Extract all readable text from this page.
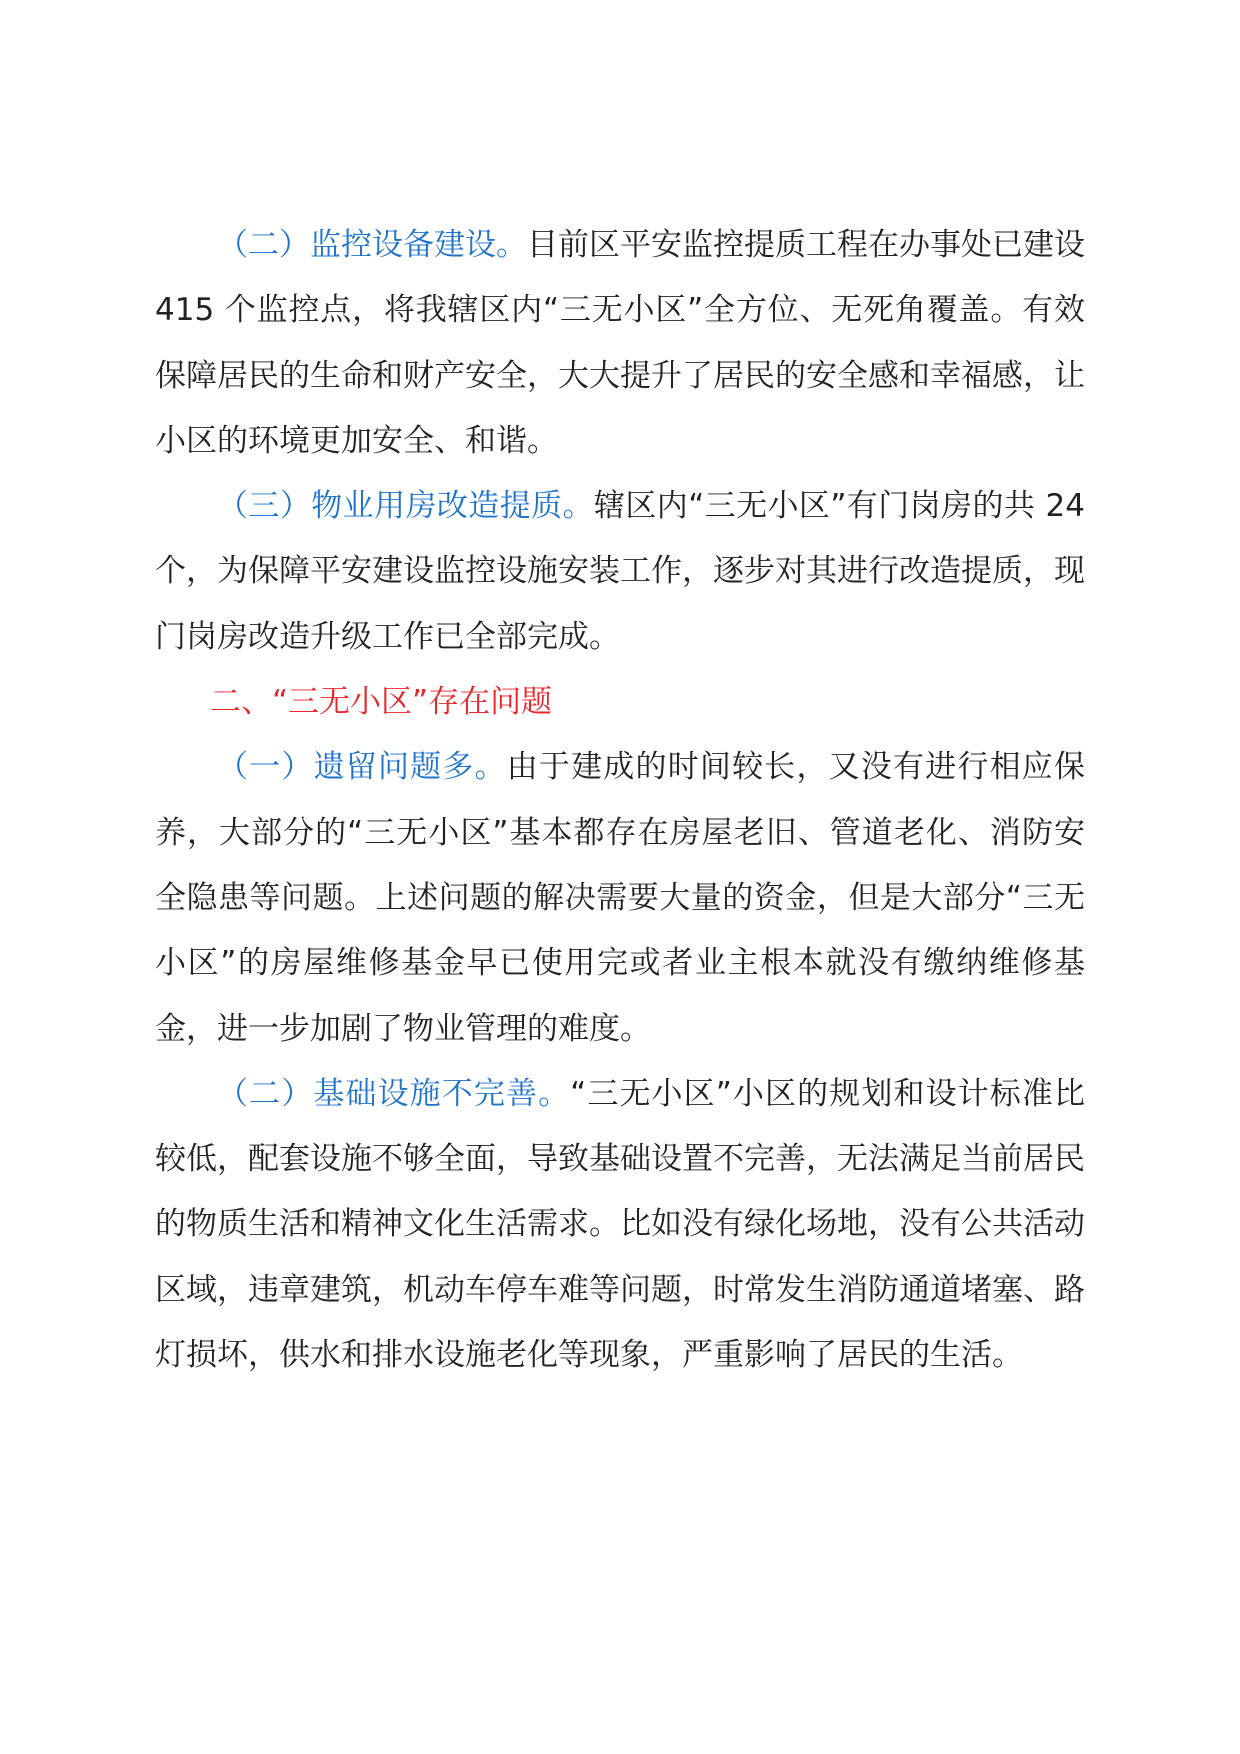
（二）监控设备建设。目前区平安监控提质工程在办事处已建设 415 个监控点，将我辖区内“三无小区”全方位、无死角覆盖。有效保障居民的生命和财产安全，大大提升了居民的安全感和幸福感，让小区的环境更加安全、和谐。

（三）物业用房改造提质。辖区内“三无小区”有门岗房的共 24 个，为保障平安建设监控设施安装工作，逐步对其进行改造提质，现门岗房改造升级工作已全部完成。

二、“三无小区”存在问题

（一）遗留问题多。由于建成的时间较长，又没有进行相应保养，大部分的“三无小区”基本都存在房屋老旧、管道老化、消防安全隐患等问题。上述问题的解决需要大量的资金，但是大部分“三无小区”的房屋维修基金早已使用完或者业主根本就没有缴纳维修基金，进一步加剧了物业管理的难度。

（二）基础设施不完善。“三无小区”小区的规划和设计标准比较低，配套设施不够全面，导致基础设置不完善，无法满足当前居民的物质生活和精神文化生活需求。比如没有绿化场地，没有公共活动区域，违章建筑，机动车停车难等问题，时常发生消防通道堵塞、路灯损坏，供水和排水设施老化等现象，严重影响了居民的生活。
